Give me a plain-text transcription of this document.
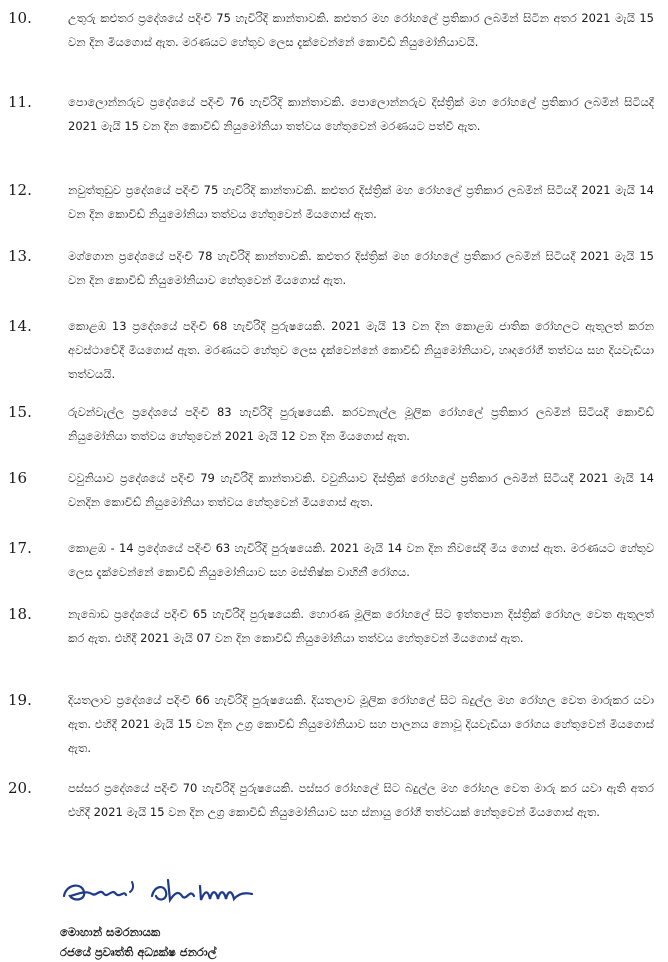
10.	උතුරු කළුතර ප්‍රදේශයේ පදිංචි 75 හැවිරිදි කාන්තාවකි. කළුතර මහ රෝහලේ ප්‍රතිකාර ලබමින් සිටින අතර 2021 මැයි 15 වන දින මියගොස් ඇත. මරණයට හේතුව ලෙස දැක්වෙන්නේ කොවිඩ් නියුමෝනියාවයි.
11.	පොලොන්නරුව ප්‍රදේශයේ පදිංචි 76 හැවිරිදි කාන්තාවකි. පොලොන්නරුව දිස්ත්‍රික් මහ රෝහලේ ප්‍රතිකාර ලබමින් සිටියදී 2021 මැයි 15 වන දින කොවිඩ් නියුමෝනියා තත්වය හේතුවෙන් මරණයට පත්වී ඇත.
12.	නවුත්තුඩුව ප්‍රදේශයේ පදිංචි 75 හැවිරිදි කාන්තාවකි. කළුතර දිස්ත්‍රික් මහ රෝහලේ ප්‍රතිකාර ලබමින් සිටියදී 2021 මැයි 14 වන දින කොවිඩ් නියුමෝනියා තත්වය හේතුවෙන් මියගොස් ඇත.
13.	මග්ගොන ප්‍රදේශයේ පදිංචි 78 හැවිරිදි කාන්තාවකි. කළුතර දිස්ත්‍රික් මහ රෝහලේ ප්‍රතිකාර ලබමින් සිටියදී 2021 මැයි 15 වන දින කොවිඩ් නියුමෝනියාව හේතුවෙන් මියගොස් ඇත.
14.	කොළඹ 13 ප්‍රදේශයේ පදිංචි 68 හැවිරිදි පුරුෂයෙකි. 2021 මැයි 13 වන දින කොළඹ ජාතික රෝහලට ඇතුලත් කරන අවස්ථාවේදී මියගොස් ඇත. මරණයට හේතුව ලෙස දැක්වෙන්නේ කොවිඩ් නියුමෝනියාව, හෘදරෝගී තත්වය සහ දියවැඩියා තත්වයයි.
15.	රුවන්වැල්ල ප්‍රදේශයේ පදිංචි 83 හැවිරිදි පුරුෂයෙකි. කරවනැල්ල මූලික රෝහලේ ප්‍රතිකාර ලබමින් සිටියදී කොවිඩ් නියුමෝනියා තත්වය හේතුවෙන් 2021 මැයි 12 වන දින මියගොස් ඇත.
16	වවුනියාව ප්‍රදේශයේ පදිංචි 79 හැවිරිදි කාන්තාවකි. වවුනියාව දිස්ත්‍රික් රෝහලේ ප්‍රතිකාර ලබමින් සිටියදී 2021 මැයි 14 වනදින කොවිඩ් නියුමෝනියා තත්වය හේතුවෙන් මියගොස් ඇත.
17.	කොළඹ - 14 ප්‍රදේශයේ පදිංචි 63 හැවිරිදි පුරුෂයෙකි. 2021 මැයි 14 වන දින නිවසේදී මිය ගොස් ඇත. මරණයට හේතුව ලෙස දැක්වෙන්නේ කොවිඩ් නියුමෝනියාව සහ මස්තිෂ්ක වාහිනී රෝගය.
18.	නැබොඩ ප්‍රදේශයේ පදිංචි 65 හැවිරිදි පුරුෂයෙකි. හොරණ මූලික රෝහලේ සිට ඉත්තපාන දිස්ත්‍රික් රෝහල වෙත ඇතුලත් කර ඇත. එහිදී 2021 මැයි 07 වන දින කොවිඩ් නියුමෝනියා තත්වය හේතුවෙන් මියගොස් ඇත.
19.	දියතලාව ප්‍රදේශයේ පදිංචි 66 හැවිරිදි පුරුෂයෙකි. දියතලාව මූලික රෝහලේ සිට බදුල්ල මහ රෝහල වෙත මාරුකර යවා ඇත. එහිදී 2021 මැයි 15 වන දින උග්‍ර කොවිඩ් නියුමෝනියාව සහ පාලනය නොවූ දියවැඩියා රෝගය හේතුවෙන් මියගොස් ඇත.
20.	පස්සර ප්‍රදේශයේ පදිංචි 70 හැවිරිදි පුරුෂයෙකි. පස්සර රෝහලේ සිට බදුල්ල මහ රෝහල වෙත මාරු කර යවා ඇති අතර එහිදී 2021 මැයි 15 වන දින උග්‍ර කොවිඩ් නියුමෝනියාව සහ ස්නායු රෝගී තත්වයක් හේතුවෙන් මියගොස් ඇත.
මොහාන් සමරනායක
රජයේ ප්‍රවෘත්ති අධ්‍යක්ෂ ජනරාල්
